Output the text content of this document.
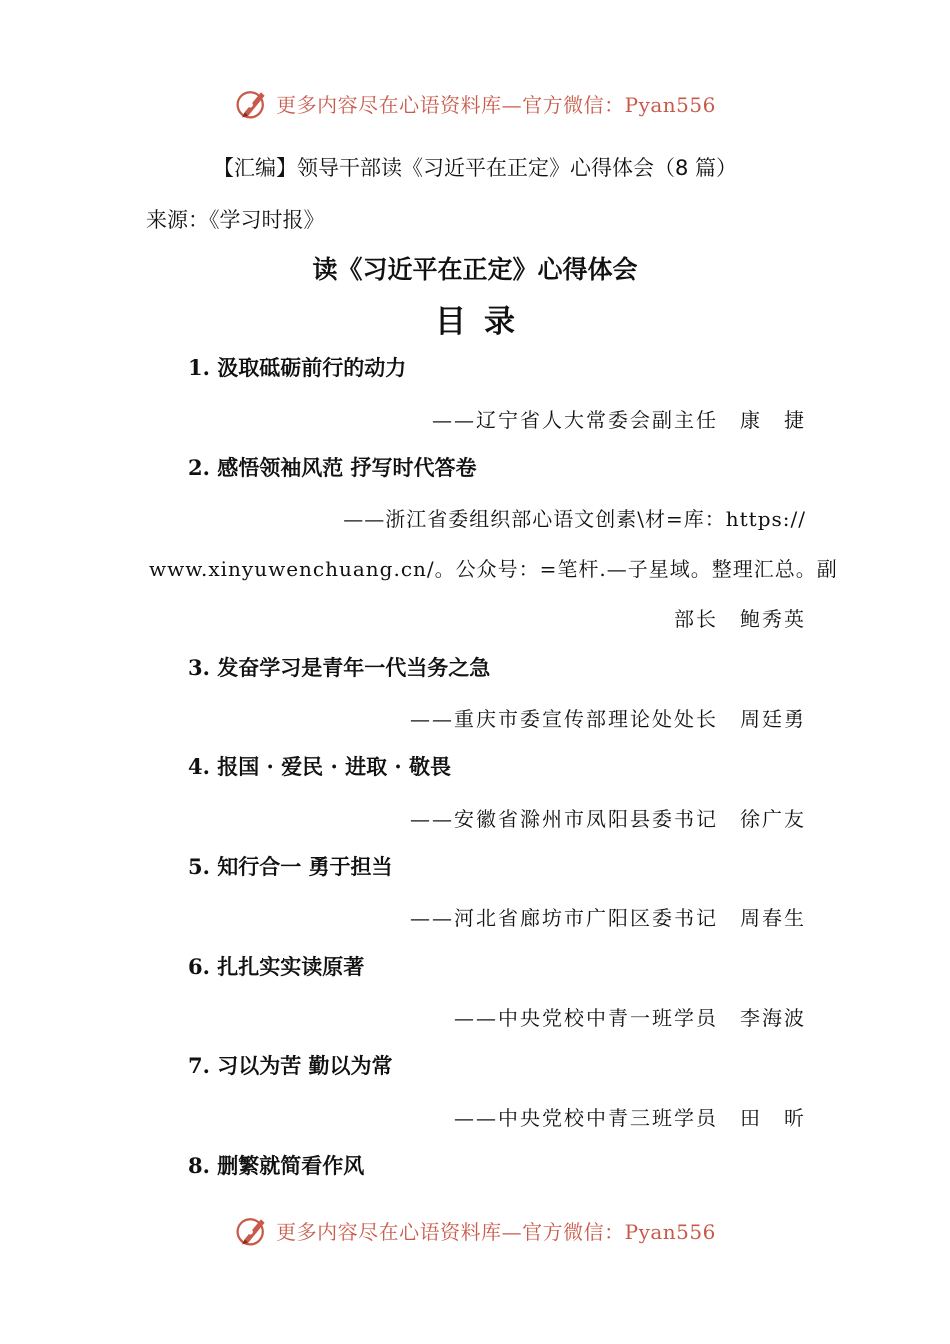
更多内容尽在心语资料库—官方微信：Pyan556
【汇编】领导干部读《习近平在正定》心得体会（8 篇）
来源：《学习时报》
读《习近平在正定》心得体会
目录
1. 汲取砥砺前行的动力
——辽宁省人大常委会副主任　康　捷
2. 感悟领袖风范 抒写时代答卷
——浙江省委组织部心语文创素\材=库：https://
www.xinyuwenchuang.cn/。公众号：=笔杆.—子星域。整理汇总。副
部长　鲍秀英
3. 发奋学习是青年一代当务之急
——重庆市委宣传部理论处处长　周廷勇
4. 报国 · 爱民 · 进取 · 敬畏
——安徽省滁州市凤阳县委书记　徐广友
5. 知行合一 勇于担当
——河北省廊坊市广阳区委书记　周春生
6. 扎扎实实读原著
——中央党校中青一班学员　李海波
7. 习以为苦 勤以为常
——中央党校中青三班学员　田　昕
8. 删繁就简看作风
更多内容尽在心语资料库—官方微信：Pyan556
